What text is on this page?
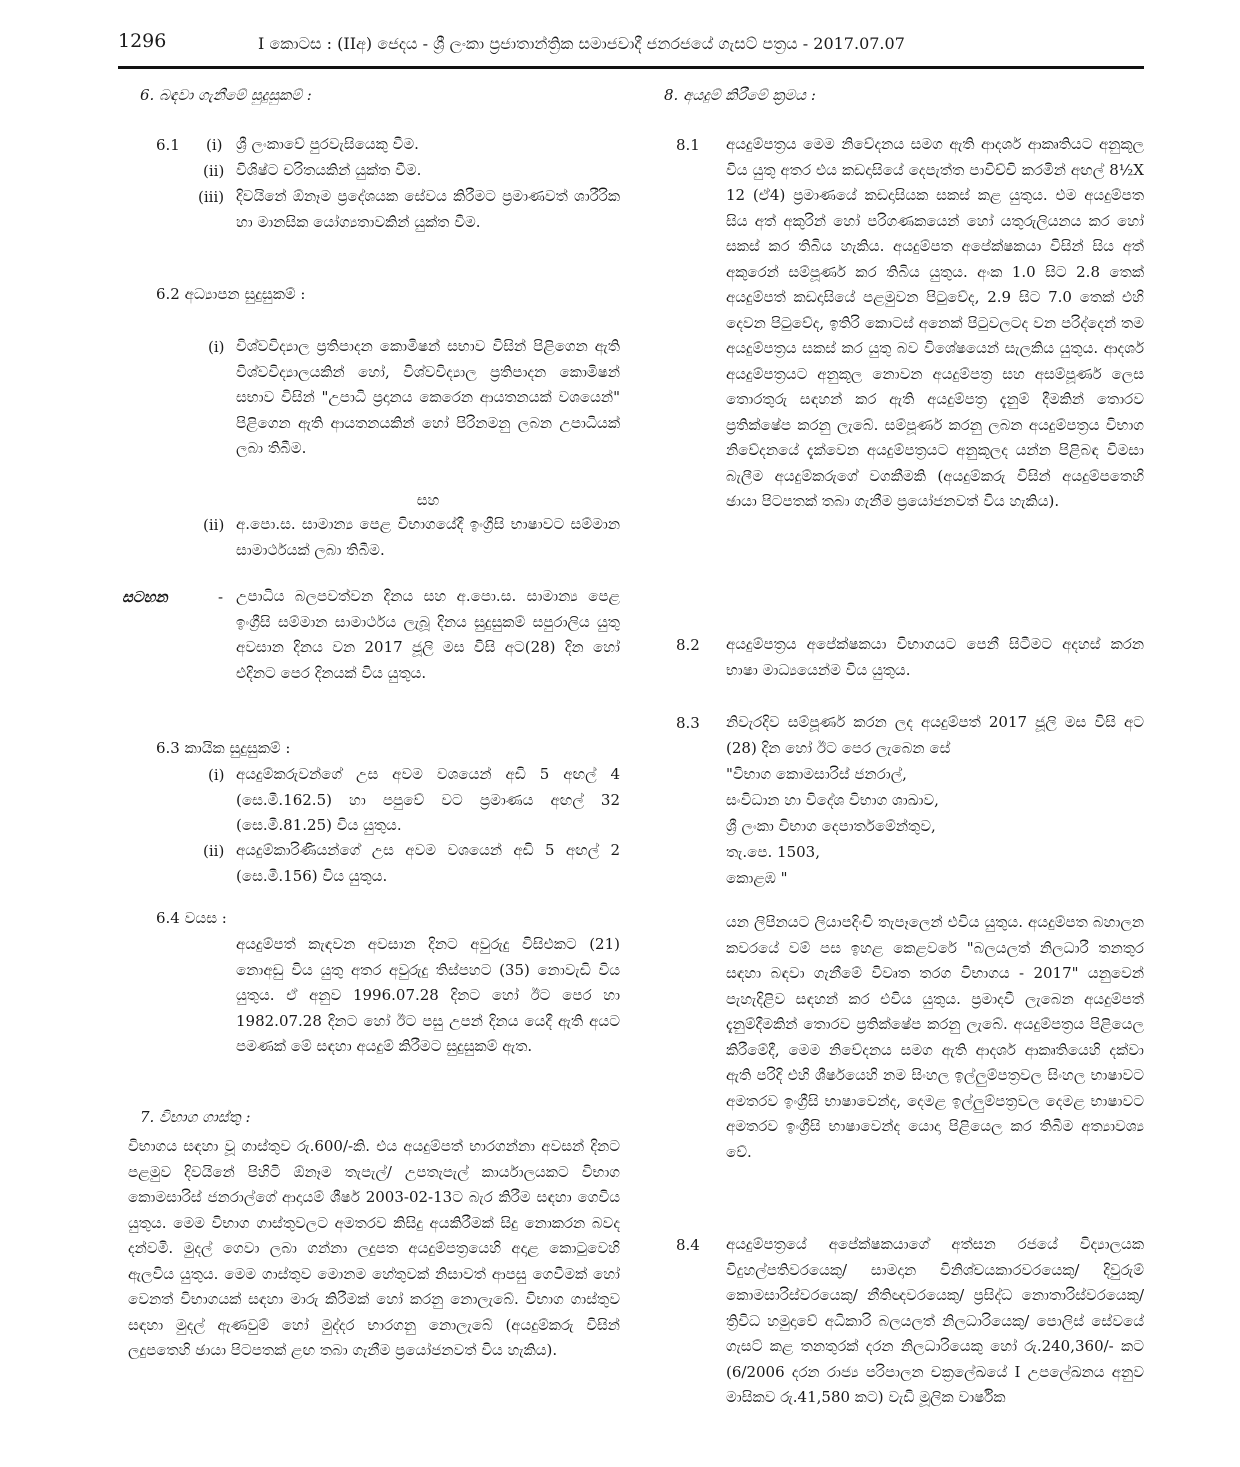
1296	I කොටස : (IIඅ) ජෙදය - ශ්‍රී ලංකා ප්‍රජාතාන්ත්‍රික සමාජවාදී ජනරජයේ ගැසට් පත්‍රය - 2017.07.07
6. බඳවා ගැනීමේ සුදුසුකම් :
6.1 (i) ශ්‍රී ලංකාවේ පුරවැසියෙකු වීම.
(ii) විශිෂ්ට චරිතයකින් යුක්ත වීම.
(iii) දිවයිනේ ඕනෑම ප්‍රදේශයක සේවය කිරීමට ප්‍රමාණවත් ශාරීරික හා මානසික යෝග්‍යතාවකින් යුක්ත වීම.
6.2 අධ්‍යාපන සුදුසුකම් :
(i) විශ්වවිද්‍යාල ප්‍රතිපාදන කොමිෂන් සභාව විසින් පිළිගෙන ඇති විශ්වවිද්‍යාලයකින් හෝ, විශ්වවිද්‍යාල ප්‍රතිපාදන කොමිෂන් සභාව විසින් "උපාධි ප්‍රදානය කෙරෙන ආයතනයක් වශයෙන්" පිළිගෙන ඇති ආයතනයකින් හෝ පිරිනමනු ලබන උපාධියක් ලබා තිබීම.
සහ
(ii) අ.පො.ස. සාමාන්‍ය පෙළ විභාගයේදී ඉංග්‍රීසි භාෂාවට සම්මාන සාමාර්ථයක් ලබා තිබීම.
සටහන	- උපාධිය බලපවත්වන දිනය සහ අ.පො.ස. සාමාන්‍ය පෙළ ඉංග්‍රීසි සම්මාන සාමාර්ථය ලැබූ දිනය සුදුසුකම් සපුරාලිය යුතු අවසාන දිනය වන 2017 ජූලි මස විසි අට(28) දින හෝ එදිනට පෙර දිනයක් විය යුතුය.
6.3 කායික සුදුසුකම් :
(i) අයදුම්කරුවන්ගේ උස අවම වශයෙන් අඩි 5 අඟල් 4 (සෙ.මී.162.5) හා පපුවේ වට ප්‍රමාණය අඟල් 32 (සෙ.මී.81.25) විය යුතුය.
(ii) අයදුම්කාරිණියන්ගේ උස අවම වශයෙන් අඩි 5 අඟල් 2 (සෙ.මී.156) විය යුතුය.
6.4 වයස :
අයදුම්පත් කැඳවන අවසාන දිනට අවුරුදු විසිඑකට (21) නොඅඩු විය යුතු අතර අවුරුදු තිස්පහට (35) නොවැඩි විය යුතුය. ඒ අනුව 1996.07.28 දිනට හෝ ඊට පෙර හා 1982.07.28 දිනට හෝ ඊට පසු උපන් දිනය යෙදී ඇති අයට පමණක් මේ සඳහා අයදුම් කිරීමට සුදුසුකම් ඇත.
7. විභාග ගාස්තු :
විභාගය සඳහා වූ ගාස්තුව රු.600/-කි. එය අයදුම්පත් භාරගන්නා අවසන් දිනට පළමුව දිවයිනේ පිහිටි ඕනෑම තැපැල්/ උපතැපැල් කාර්යාලයකට විභාග කොමසාරිස් ජනරාල්ගේ ආදායම් ශීර්ෂ 2003-02-13ට බැර කිරීම සඳහා ගෙවිය යුතුය. මෙම විභාග ගාස්තුවලට අමතරව කිසිදු අයකිරීමක් සිදු නොකරන බවද දන්වමි. මුදල් ගෙවා ලබා ගන්නා ලදුපත අයදුම්පත්‍රයෙහි අදාළ කොටුවෙහි ඇලවිය යුතුය. මෙම ගාස්තුව මොනම හේතුවක් නිසාවත් ආපසු ගෙවීමක් හෝ වෙනත් විභාගයක් සඳහා මාරු කිරීමක් හෝ කරනු නොලැබේ. විභාග ගාස්තුව සඳහා මුදල් ඇණවුම් හෝ මුද්දර භාරගනු නොලැබේ (අයදුම්කරු විසින් ලදුපතෙහි ඡායා පිටපතක් ළඟ තබා ගැනීම ප්‍රයෝජනවත් විය හැකිය).
8. අයදුම් කිරීමේ ක්‍රමය :
8.1 අයදුම්පත්‍රය මෙම නිවේදනය සමග ඇති ආදර්ශ ආකෘතියට අනුකූල විය යුතු අතර එය කඩදාසියේ දෙපැත්ත පාවිච්චි කරමින් අඟල් 8½X 12 (ඒ4) ප්‍රමාණයේ කඩදාසියක සකස් කළ යුතුය. එම අයදුම්පත සිය අත් අකුරින් හෝ පරිගණකයෙන් හෝ යතුරුලියනය කර හෝ සකස් කර තිබිය හැකිය. අයදුම්පත අපේක්ෂකයා විසින් සිය අත් අකුරෙන් සම්පූර්ණ කර තිබිය යුතුය. අංක 1.0 සිට 2.8 තෙක් අයදුම්පත් කඩදාසියේ පළමුවන පිටුවේද, 2.9 සිට 7.0 තෙක් එහි දෙවන පිටුවේද, ඉතිරි කොටස් අනෙක් පිටුවලටද වන පරිද්දෙන් තම අයදුම්පත්‍රය සකස් කර යුතු බව විශේෂයෙන් සැලකිය යුතුය. ආදර්ශ අයදුම්පත්‍රයට අනුකූල නොවන අයදුම්පත්‍ර සහ අසම්පූර්ණ ලෙස තොරතුරු සඳහන් කර ඇති අයදුම්පත්‍ර දැනුම් දීමකින් තොරව ප්‍රතික්ෂේප කරනු ලැබේ. සම්පූර්ණ කරනු ලබන අයදුම්පත්‍රය විභාග නිවේදනයේ දැක්වෙන අයදුම්පත්‍රයට අනුකූලද යන්න පිළිබඳ විමසා බැලීම අයදුම්කරුගේ වගකීමකි (අයදුම්කරු විසින් අයදුම්පතෙහි ඡායා පිටපතක් තබා ගැනීම ප්‍රයෝජනවත් විය හැකිය).
8.2 අයදුම්පත්‍රය අපේක්ෂකයා විභාගයට පෙනී සිටීමට අදහස් කරන භාෂා මාධ්‍යයෙන්ම විය යුතුය.
8.3 නිවැරදිව සම්පූර්ණ කරන ලද අයදුම්පත් 2017 ජූලි මස විසි අට (28) දින හෝ ඊට පෙර ලැබෙන සේ
"විභාග කොමසාරිස් ජනරාල්,
සංවිධාන හා විදේශ විභාග ශාඛාව,
ශ්‍රී ලංකා විභාග දෙපාර්තමේන්තුව,
තැ.පෙ. 1503,
කොළඹ "
යන ලිපිනයට ලියාපදිංචි තැපෑලෙන් එවිය යුතුය. අයදුම්පත බහාලන කවරයේ වම් පස ඉහළ කෙළවරේ "බලයලත් නිලධාරී තනතුර සඳහා බඳවා ගැනීමේ විවෘත තරග විභාගය - 2017" යනුවෙන් පැහැදිළිව සඳහන් කර එවිය යුතුය. ප්‍රමාදවී ලැබෙන අයදුම්පත් දැනුම්දීමකින් තොරව ප්‍රතික්ෂේප කරනු ලැබේ. අයදුම්පත්‍රය පිළියෙල කිරීමේදී, මෙම නිවේදනය සමග ඇති ආදර්ශ ආකෘතියෙහි දක්වා ඇති පරිදි එහි ශීර්ෂයෙහි නම සිංහල ඉල්ලුම්පත්‍රවල සිංහල භාෂාවට අමතරව ඉංග්‍රීසි භාෂාවෙන්ද, දෙමළ ඉල්ලුම්පත්‍රවල දෙමළ භාෂාවට අමතරව ඉංග්‍රීසි භාෂාවෙන්ද යොදා පිළියෙල කර තිබීම අත්‍යාවශ්‍ය වේ.
8.4 අයදුම්පත්‍රයේ අපේක්ෂකයාගේ අත්සන රජයේ විද්‍යාලයක විදුහල්පතිවරයෙකු/ සාමදාන විනිශ්චයකාරවරයෙකු/ දිවුරුම් කොමසාරිස්වරයෙකු/ නීතිඥවරයෙකු/ ප්‍රසිද්ධ නොතාරිස්වරයෙකු/ ත්‍රිවිධ හමුදාවේ අධිකාරි බලයලත් නිලධාරියෙකු/ පොලිස් සේවයේ ගැසට් කළ තනතුරක් දරන නිලධාරියෙකු හෝ රු.240,360/- කට (6/2006 දරන රාජ්‍ය පරිපාලන චක්‍රලේඛයේ I උපලේඛනය අනුව මාසිකව රු.41,580 කට) වැඩි මූලික වාර්ෂික
